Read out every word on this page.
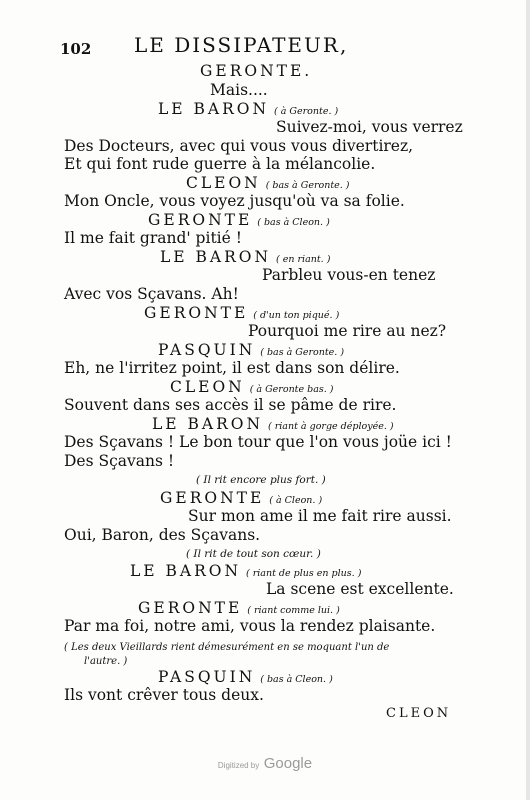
102 LE DISSIPATEUR,
GERONTE.
Mais....
LE BARON ( à Geronte. )
Suivez-moi, vous verrez
Des Docteurs, avec qui vous vous divertirez,
Et qui font rude guerre à la mélancolie.
CLEON ( bas à Geronte. )
Mon Oncle, vous voyez jusqu'où va sa folie.
GERONTE ( bas à Cleon. )
Il me fait grand' pitié !
LE BARON ( en riant. )
Parbleu vous-en tenez
Avec vos Sçavans. Ah!
GERONTE ( d'un ton piqué. )
Pourquoi me rire au nez?
PASQUIN ( bas à Geronte. )
Eh, ne l'irritez point, il est dans son délire.
CLEON ( à Geronte bas. )
Souvent dans ses accès il se pâme de rire.
LE BARON ( riant à gorge déployée. )
Des Sçavans ! Le bon tour que l'on vous joüe ici !
Des Sçavans !
( Il rit encore plus fort. )
GERONTE ( à Cleon. )
Sur mon ame il me fait rire aussi.
Oui, Baron, des Sçavans.
( Il rit de tout son cœur. )
LE BARON ( riant de plus en plus. )
La scene est excellente.
GERONTE ( riant comme lui. )
Par ma foi, notre ami, vous la rendez plaisante.
( Les deux Vieillards rient démesurément en se moquant l'un de
l'autre. )
PASQUIN ( bas à Cleon. )
Ils vont crêver tous deux.
CLEON
Digitized by Google
